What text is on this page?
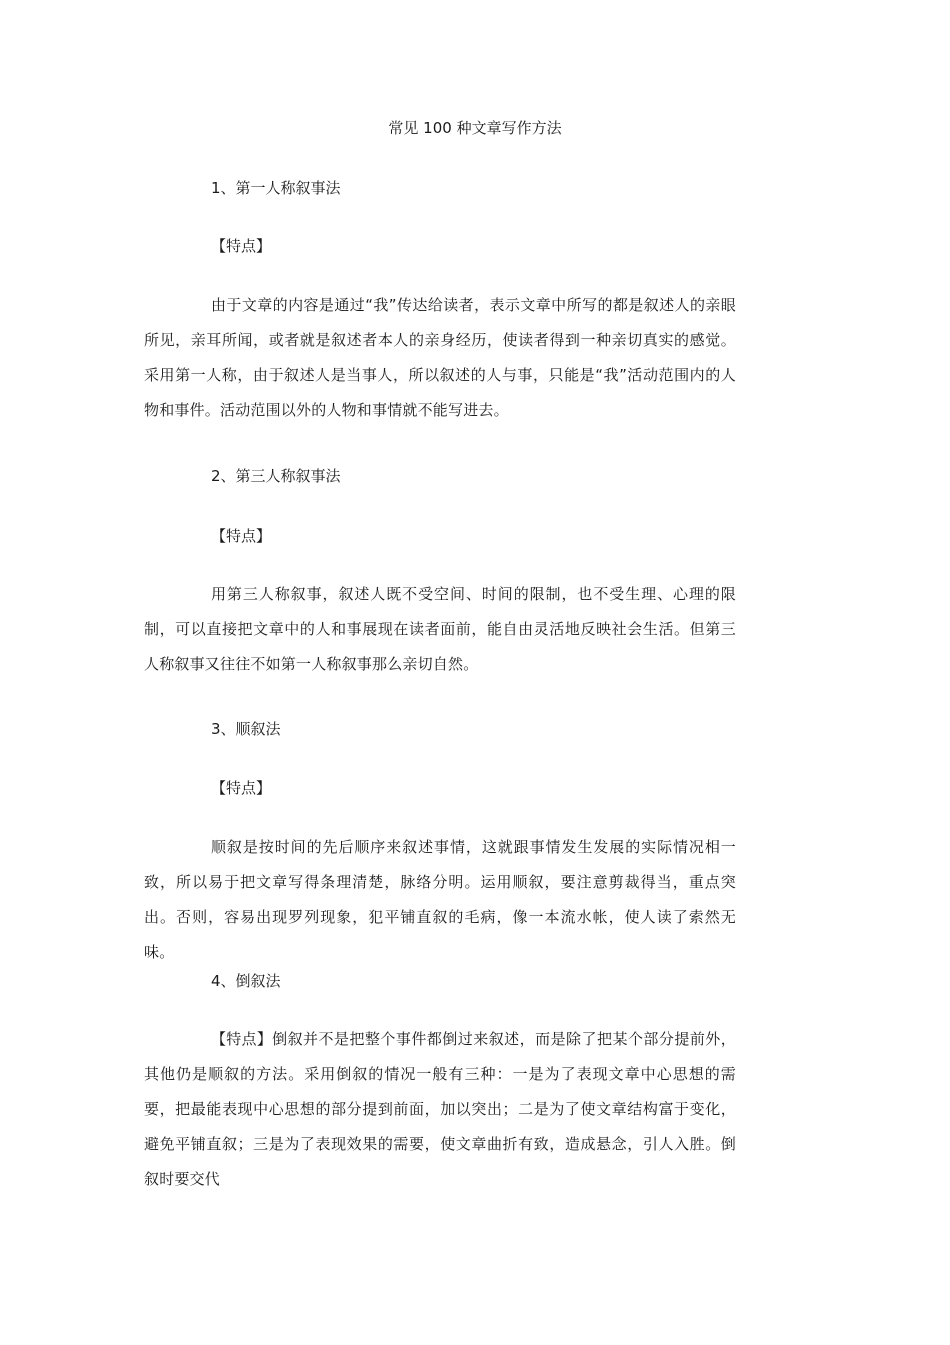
常见 100 种文章写作方法
1、第一人称叙事法
【特点】
由于文章的内容是通过“我”传达给读者，表示文章中所写的都是叙述人的亲眼所见，亲耳所闻，或者就是叙述者本人的亲身经历，使读者得到一种亲切真实的感觉。采用第一人称，由于叙述人是当事人，所以叙述的人与事，只能是“我”活动范围内的人物和事件。活动范围以外的人物和事情就不能写进去。
2、第三人称叙事法
【特点】
用第三人称叙事，叙述人既不受空间、时间的限制，也不受生理、心理的限制，可以直接把文章中的人和事展现在读者面前，能自由灵活地反映社会生活。但第三人称叙事又往往不如第一人称叙事那么亲切自然。
3、顺叙法
【特点】
顺叙是按时间的先后顺序来叙述事情，这就跟事情发生发展的实际情况相一致，所以易于把文章写得条理清楚，脉络分明。运用顺叙，要注意剪裁得当，重点突出。否则，容易出现罗列现象，犯平铺直叙的毛病，像一本流水帐，使人读了索然无味。
4、倒叙法
【特点】倒叙并不是把整个事件都倒过来叙述，而是除了把某个部分提前外，其他仍是顺叙的方法。采用倒叙的情况一般有三种：一是为了表现文章中心思想的需要，把最能表现中心思想的部分提到前面，加以突出；二是为了使文章结构富于变化，避免平铺直叙；三是为了表现效果的需要，使文章曲折有致，造成悬念，引人入胜。倒叙时要交代
